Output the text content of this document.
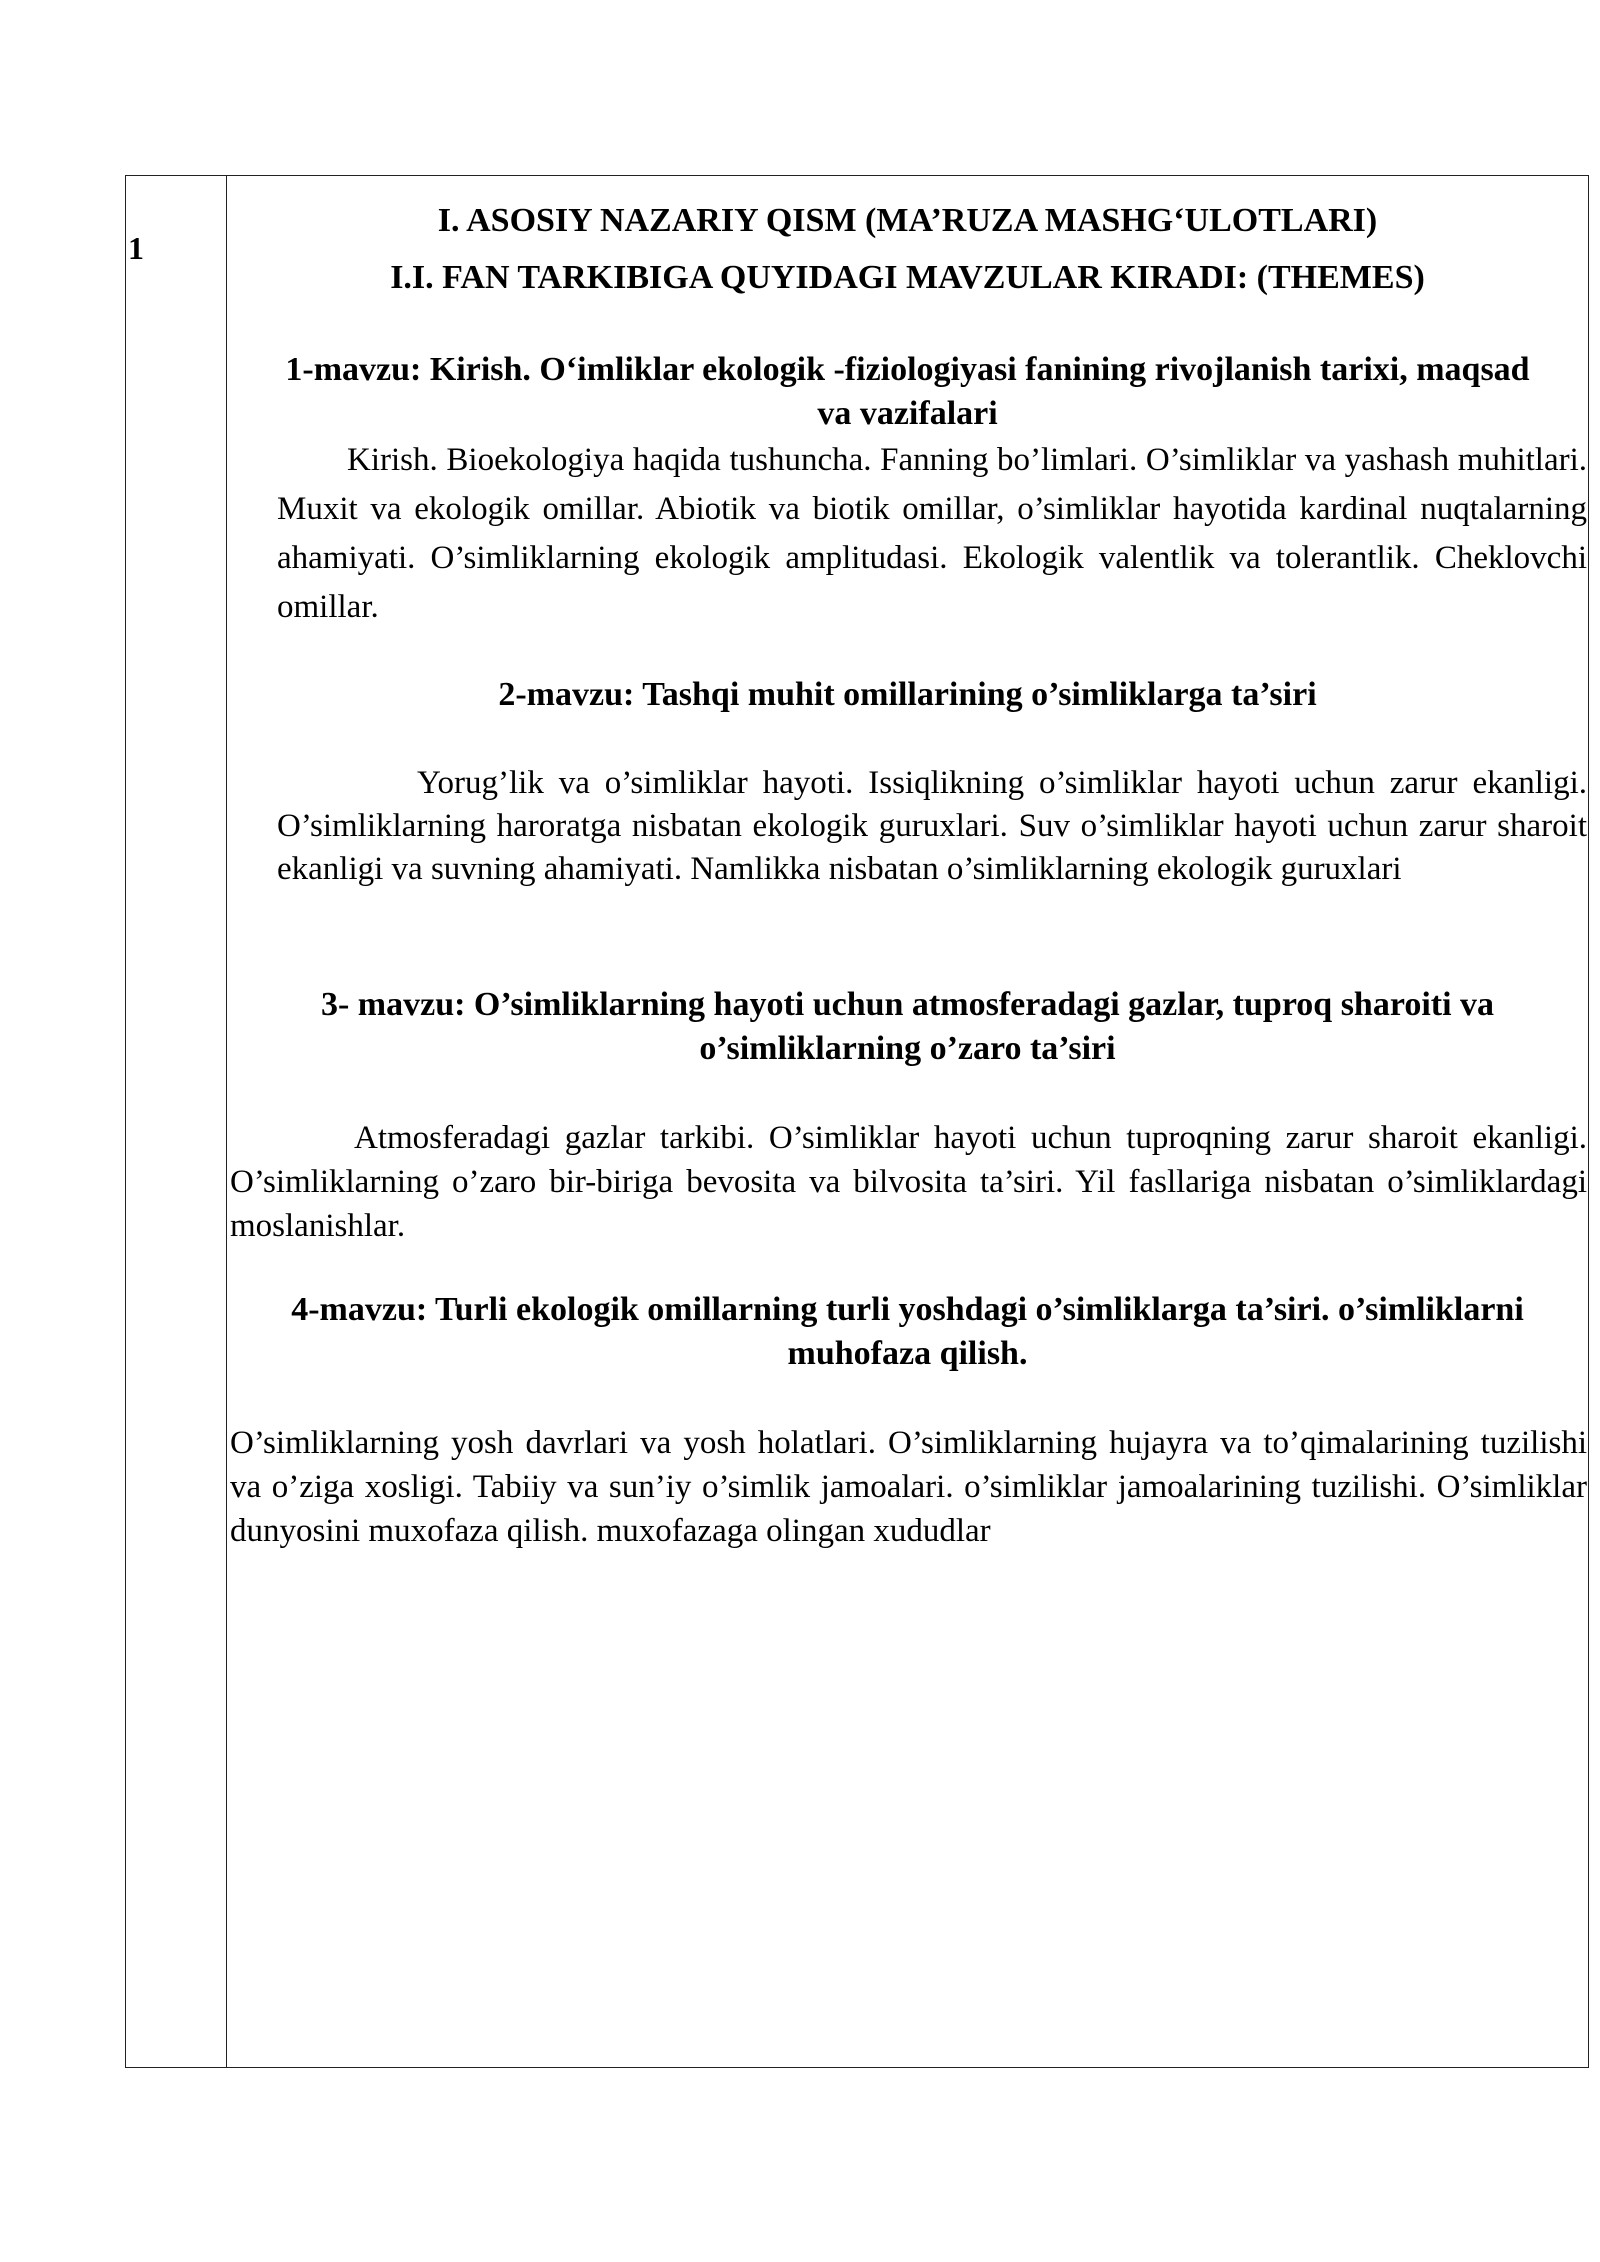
1

I. ASOSIY NAZARIY QISM (MA’RUZA MASHG‘ULOTLARI)

I.I. FAN TARKIBIGA QUYIDAGI MAVZULAR KIRADI: (THEMES)

1-mavzu: Kirish. O‘imliklar ekologik -fiziologiyasi fanining rivojlanish tarixi, maqsad va vazifalari

Kirish. Bioekologiya haqida tushuncha. Fanning bo’limlari. O’simliklar va yashash muhitlari. Muxit va ekologik omillar. Abiotik va biotik omillar, o’simliklar hayotida kardinal nuqtalarning ahamiyati. O’simliklarning ekologik amplitudasi. Ekologik valentlik va tolerantlik. Cheklovchi omillar.

2-mavzu: Tashqi muhit omillarining o’simliklarga ta’siri

Yorug’lik va o’simliklar hayoti. Issiqlikning o’simliklar hayoti uchun zarur ekanligi. O’simliklarning haroratga nisbatan ekologik guruxlari. Suv o’simliklar hayoti uchun zarur sharoit ekanligi va suvning ahamiyati. Namlikka nisbatan o’simliklarning ekologik guruxlari

3- mavzu: O’simliklarning hayoti uchun atmosferadagi gazlar, tuproq sharoiti va o’simliklarning o’zaro ta’siri

Atmosferadagi gazlar tarkibi. O’simliklar hayoti uchun tuproqning zarur sharoit ekanligi. O’simliklarning o’zaro bir-biriga bevosita va bilvosita ta’siri. Yil fasllariga nisbatan o’simliklardagi moslanishlar.

4-mavzu: Turli ekologik omillarning turli yoshdagi o’simliklarga ta’siri. o’simliklarni muhofaza qilish.

O’simliklarning yosh davrlari va yosh holatlari. O’simliklarning hujayra va to’qimalarining tuzilishi va o’ziga xosligi. Tabiiy va sun’iy o’simlik jamoalari. o’simliklar jamoalarining tuzilishi. O’simliklar dunyosini muxofaza qilish. muxofazaga olingan xududlar
